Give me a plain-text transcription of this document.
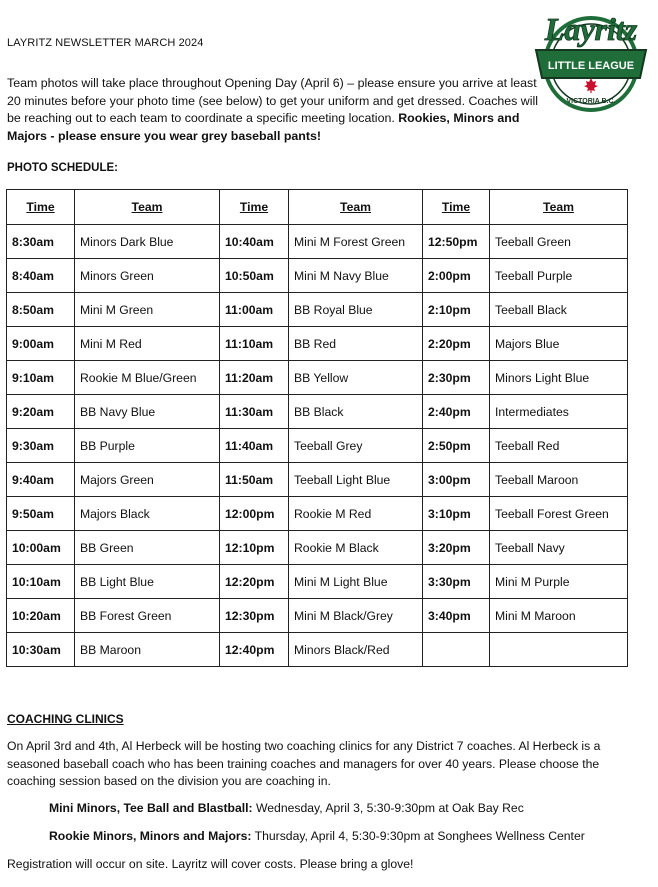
LAYRITZ NEWSLETTER MARCH 2024
LITTLE LEAGUE
Layritz
VICTORIA B.C.
Team photos will take place throughout Opening Day (April 6) – please ensure you arrive at least 20 minutes before your photo time (see below) to get your uniform and get dressed. Coaches will be reaching out to each team to coordinate a specific meeting location. Rookies, Minors and Majors - please ensure you wear grey baseball pants!
PHOTO SCHEDULE:
Time	Team	Time	Team	Time	Team
8:30am	Minors Dark Blue	10:40am	Mini M Forest Green	12:50pm	Teeball Green
8:40am	Minors Green	10:50am	Mini M Navy Blue	2:00pm	Teeball Purple
8:50am	Mini M Green	11:00am	BB Royal Blue	2:10pm	Teeball Black
9:00am	Mini M Red	11:10am	BB Red	2:20pm	Majors Blue
9:10am	Rookie M Blue/Green	11:20am	BB Yellow	2:30pm	Minors Light Blue
9:20am	BB Navy Blue	11:30am	BB Black	2:40pm	Intermediates
9:30am	BB Purple	11:40am	Teeball Grey	2:50pm	Teeball Red
9:40am	Majors Green	11:50am	Teeball Light Blue	3:00pm	Teeball Maroon
9:50am	Majors Black	12:00pm	Rookie M Red	3:10pm	Teeball Forest Green
10:00am	BB Green	12:10pm	Rookie M Black	3:20pm	Teeball Navy
10:10am	BB Light Blue	12:20pm	Mini M Light Blue	3:30pm	Mini M Purple
10:20am	BB Forest Green	12:30pm	Mini M Black/Grey	3:40pm	Mini M Maroon
10:30am	BB Maroon	12:40pm	Minors Black/Red		
COACHING CLINICS
On April 3rd and 4th, Al Herbeck will be hosting two coaching clinics for any District 7 coaches. Al Herbeck is a seasoned baseball coach who has been training coaches and managers for over 40 years. Please choose the coaching session based on the division you are coaching in.
Mini Minors, Tee Ball and Blastball: Wednesday, April 3, 5:30-9:30pm at Oak Bay Rec
Rookie Minors, Minors and Majors: Thursday, April 4, 5:30-9:30pm at Songhees Wellness Center
Registration will occur on site. Layritz will cover costs. Please bring a glove!
